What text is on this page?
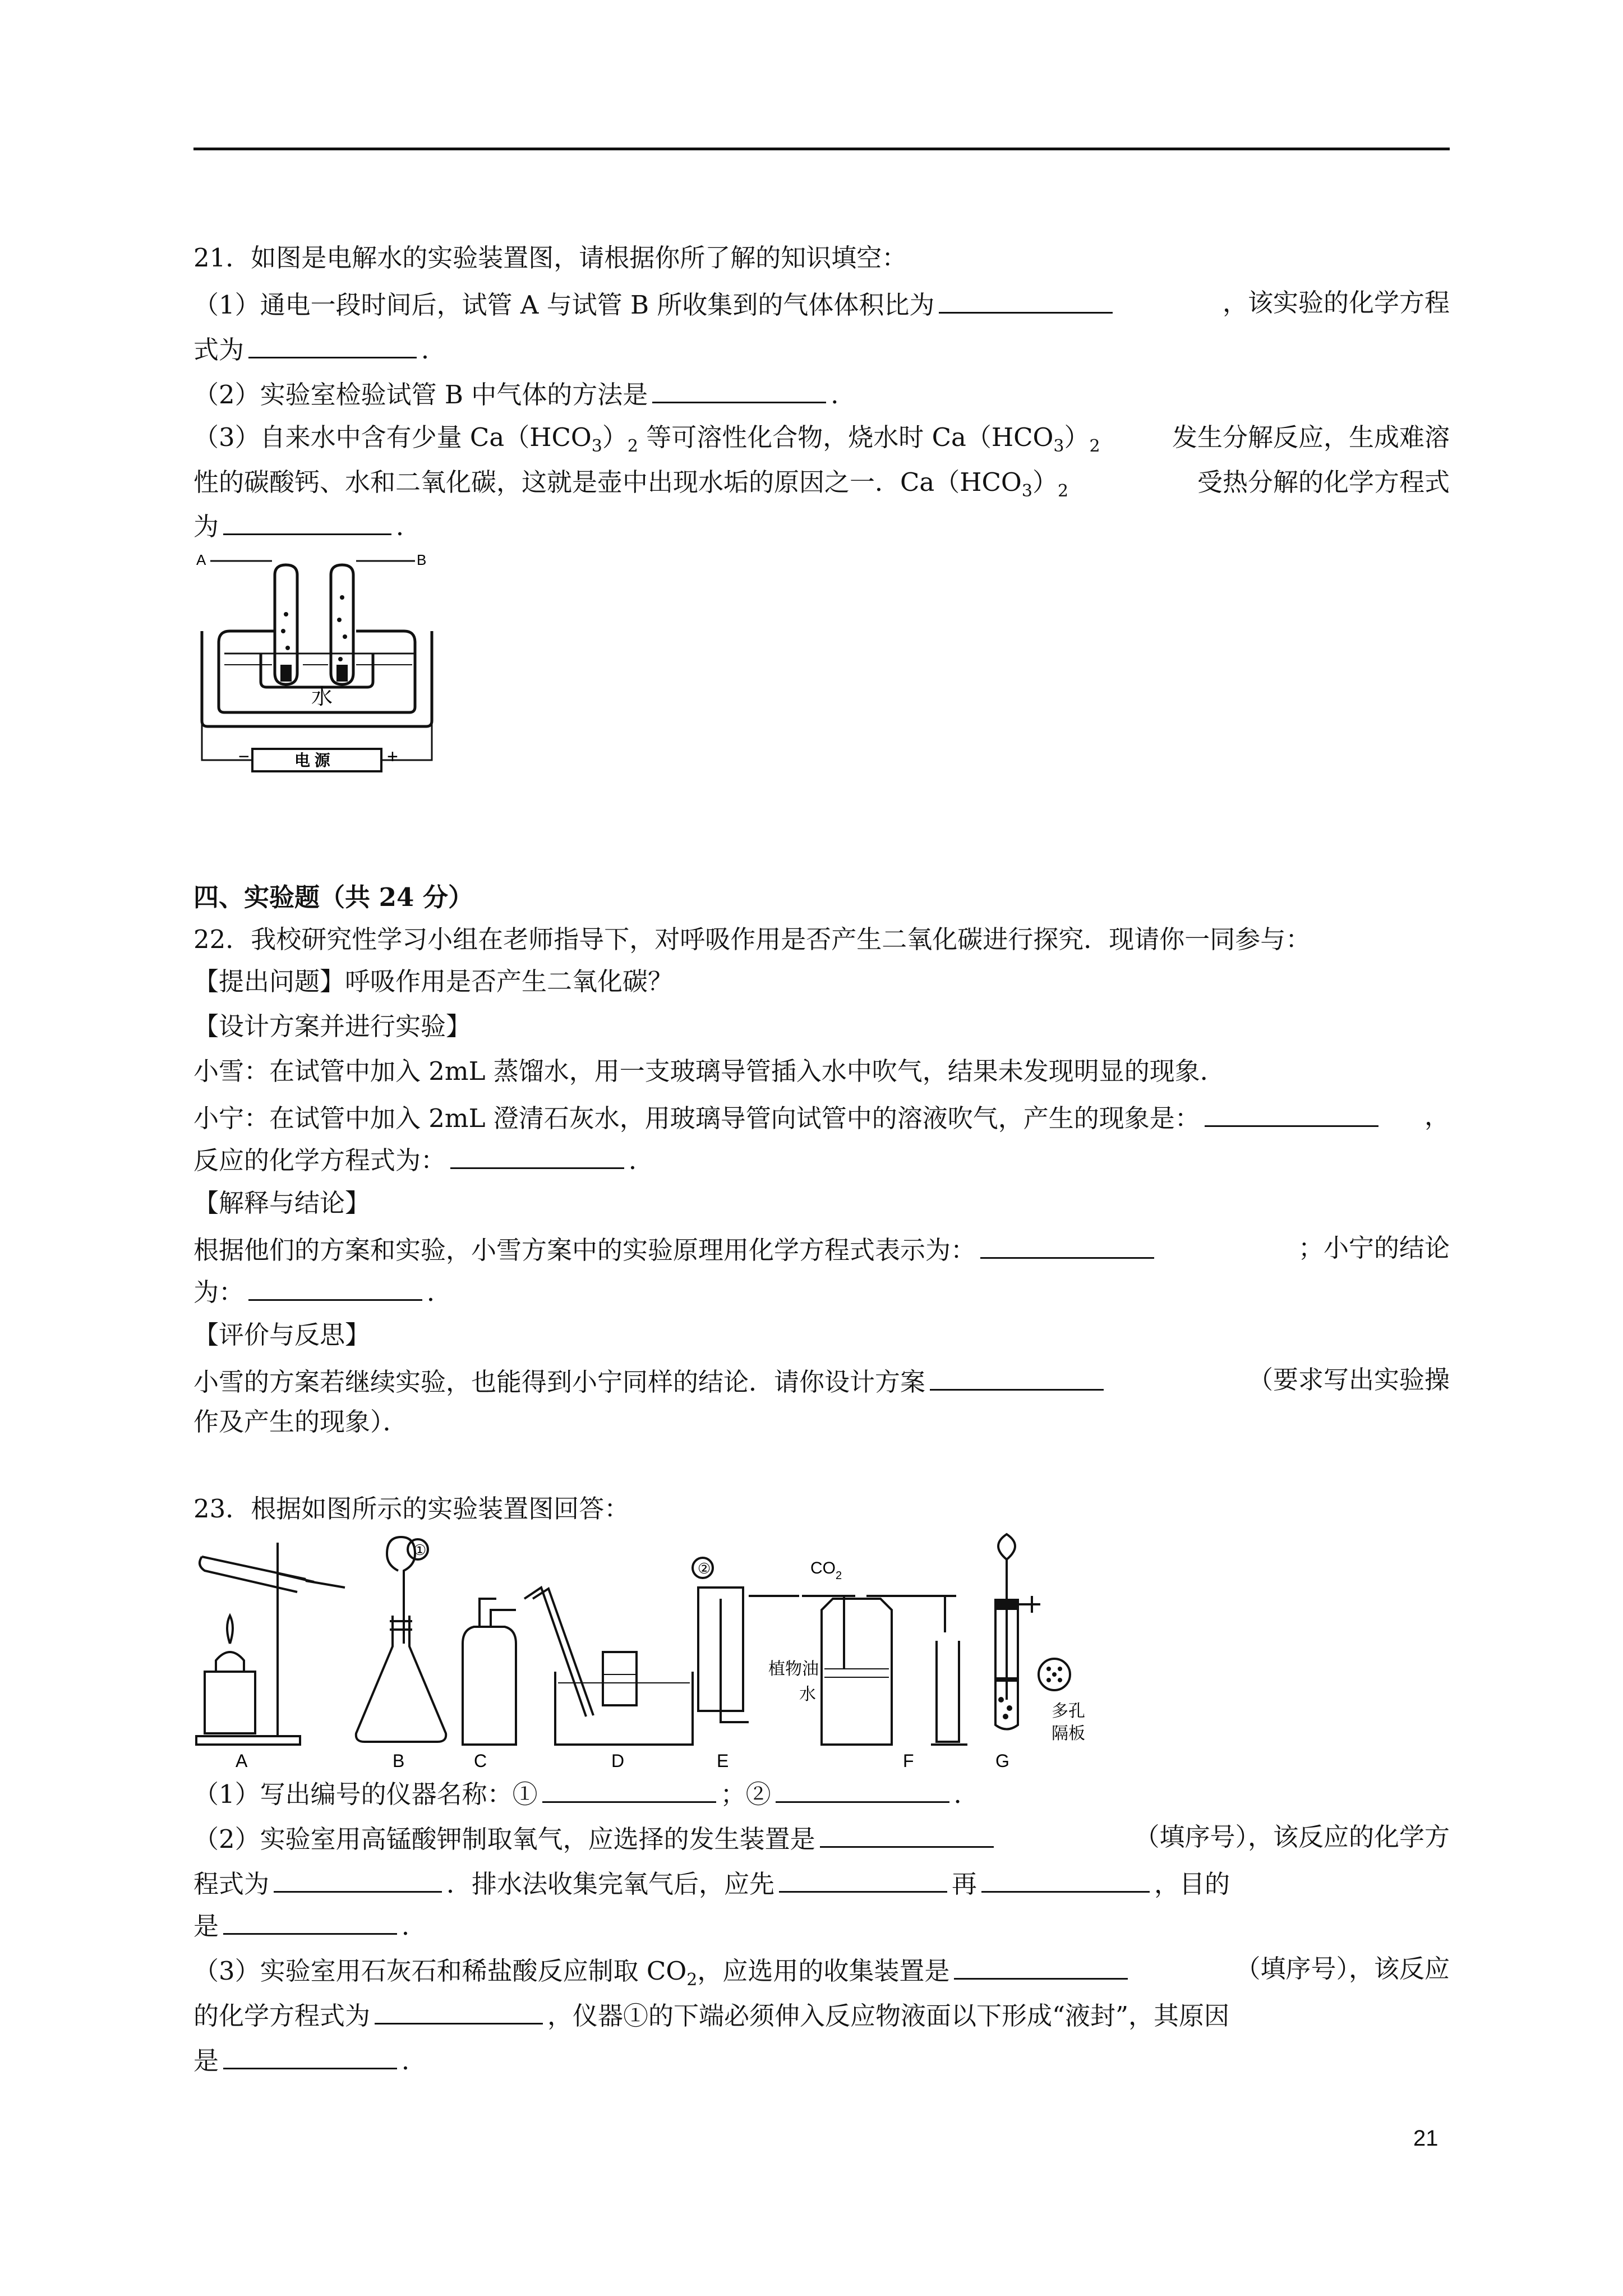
21．如图是电解水的实验装置图，请根据你所了解的知识填空：
（1）通电一段时间后，试管 A 与试管 B 所收集到的气体体积比为	，该实验的化学方程
式为	．
（2）实验室检验试管 B 中气体的方法是	．
（3）自来水中含有少量 $Ca(HCO_3)_2$ 等可溶性化合物，烧水时 $Ca(HCO_3)_2$	发生分解反应，生成难溶
性的碳酸钙、水和二氧化碳，这就是壶中出现水垢的原因之一．$Ca(HCO_3)_2$	受热分解的化学方程式
为	．
A	B
水
电 源
−	+
四、实验题（共 24 分）
22．我校研究性学习小组在老师指导下，对呼吸作用是否产生二氧化碳进行探究．现请你一同参与：
【提出问题】呼吸作用是否产生二氧化碳？
【设计方案并进行实验】
小雪：在试管中加入 2mL 蒸馏水，用一支玻璃导管插入水中吹气，结果未发现明显的现象．
小宁：在试管中加入 2mL 澄清石灰水，用玻璃导管向试管中的溶液吹气，产生的现象是：	，
反应的化学方程式为：	．
【解释与结论】
根据他们的方案和实验，小雪方案中的实验原理用化学方程式表示为：	；小宁的结论
为：	．
【评价与反思】
小雪的方案若继续实验，也能得到小宁同样的结论．请你设计方案	（要求写出实验操
作及产生的现象）．
23．根据如图所示的实验装置图回答：
A	B	C	D	E	F	G
①
②	CO 2
植物油
水
多孔
隔板
（1）写出编号的仪器名称：①	；②	．
（2）实验室用高锰酸钾制取氧气，应选择的发生装置是	（填序号），该反应的化学方
程式为	．排水法收集完氧气后，应先	再	，目的
是	．
（3）实验室用石灰石和稀盐酸反应制取 $CO_2$，应选用的收集装置是	（填序号），该反应
的化学方程式为	，仪器①的下端必须伸入反应物液面以下形成“液封”，其原因
是	．
21
